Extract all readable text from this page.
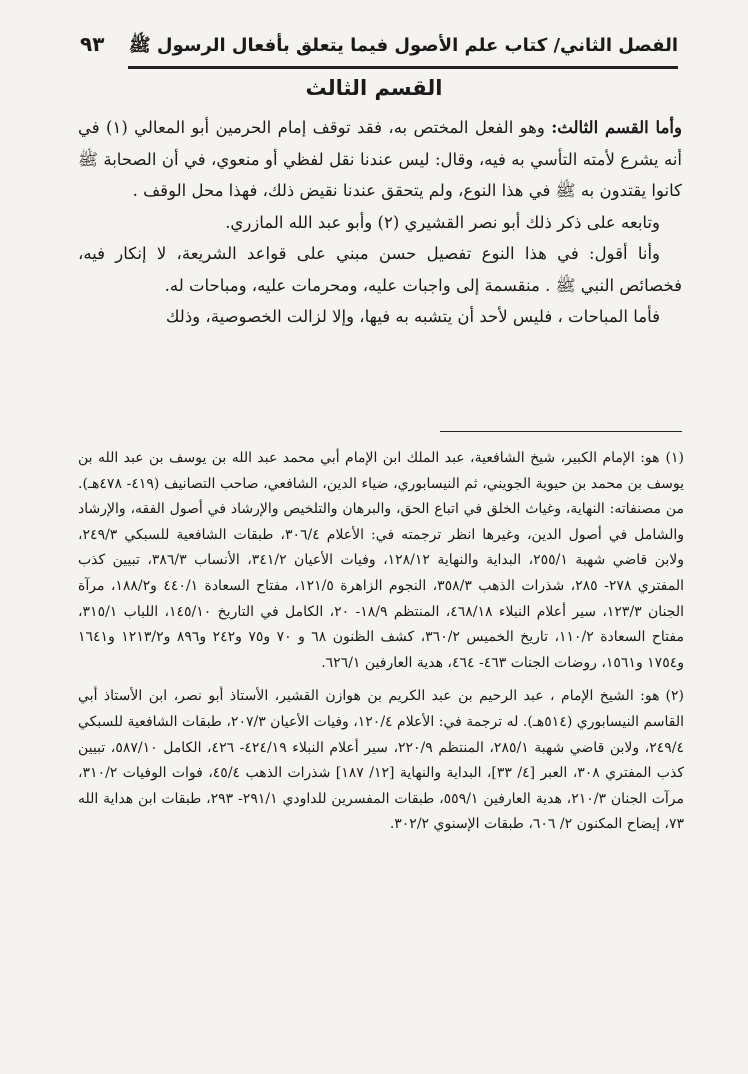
الفصل الثاني/ كتاب علم الأصول فيما يتعلق بأفعال الرسول ﷺ
٩٣
القسم الثالث

وأما القسم الثالث: وهو الفعل المختص به، فقد توقف إمام الحرمين أبو المعالي (١) في أنه يشرع لأمته التأسي به فيه، وقال: ليس عندنا نقل لفظي أو منعوي، في أن الصحابة ﷺ كانوا يقتدون به ﷺ في هذا النوع، ولم يتحقق عندنا نقيض ذلك، فهذا محل الوقف .

وتابعه على ذكر ذلك أبو نصر القشيري (٢) وأبو عبد الله المازري.

وأنا أقول: في هذا النوع تفصيل حسن مبني على قواعد الشريعة، لا إنكار فيه، فخصائص النبي ﷺ . منقسمة إلى واجبات عليه، ومحرمات عليه، ومباحات له.

فأما المباحات ، فليس لأحد أن يتشبه به فيها، وإلا لزالت الخصوصية، وذلك

(١)هو: الإمام الكبير، شيخ الشافعية، عبد الملك ابن الإمام أبي محمد عبد الله بن يوسف بن عبد الله بن يوسف بن محمد بن حيوية الجويني، ثم النيسابوري، ضياء الدين، الشافعي، صاحب التصانيف (٤١٩- ٤٧٨هـ). من مصنفاته: النهاية، وغياث الخلق في اتباع الحق، والبرهان والتلخيص والإرشاد في أصول الفقه، والإرشاد والشامل في أصول الدين، وغيرها انظر ترجمته في: الأعلام ٣٠٦/٤، طبقات الشافعية للسبكي ٢٤٩/٣، ولابن قاضي شهبة ٢٥٥/١، البداية والنهاية ١٢٨/١٢، وفيات الأعيان ٣٤١/٢، الأنساب ٣٨٦/٣، تبيين كذب المفتري ٢٧٨- ٢٨٥، شذرات الذهب ٣٥٨/٣، النجوم الزاهرة ١٢١/٥، مفتاح السعادة ٤٤٠/١ و١٨٨/٢، مرآة الجنان ١٢٣/٣، سير أعلام النبلاء ٤٦٨/١٨، المنتظم ١٨/٩- ٢٠، الكامل في التاريخ ١٤٥/١٠، اللباب ٣١٥/١، مفتاح السعادة ١١٠/٢، تاريخ الخميس ٣٦٠/٢، كشف الظنون ٦٨ و ٧٠ و٧٥ و٢٤٢ و٨٩٦ و١٢١٣/٢ و١٦٤١ و١٧٥٤ و١٥٦١، روضات الجنات ٤٦٣- ٤٦٤، هدية العارفين ٦٢٦/١.

(٢)هو: الشيخ الإمام ، عبد الرحيم بن عبد الكريم بن هوازن القشير، الأستاذ أبو نصر، ابن الأستاذ أبي القاسم النيسابوري (٥١٤هـ). له ترجمة في: الأعلام ١٢٠/٤، وفيات الأعيان ٢٠٧/٣، طبقات الشافعية للسبكي ٢٤٩/٤، ولابن قاضي شهبة ٢٨٥/١، المنتظم ٢٢٠/٩، سير أعلام النبلاء ٤٢٤/١٩- ٤٢٦، الكامل ٥٨٧/١٠، تبيين كذب المفتري ٣٠٨، العبر [٤/ ٣٣]، البداية والنهاية [١٢/ ١٨٧] شذرات الذهب ٤٥/٤، فوات الوفيات ٣١٠/٢، مرآت الجنان ٢١٠/٣، هدية العارفين ٥٥٩/١، طبقات المفسرين للداودي ٢٩١/١- ٢٩٣، طبقات ابن هداية الله ٧٣، إيضاح المكنون ٢/ ٦٠٦، طبقات الإسنوي ٣٠٢/٢.
